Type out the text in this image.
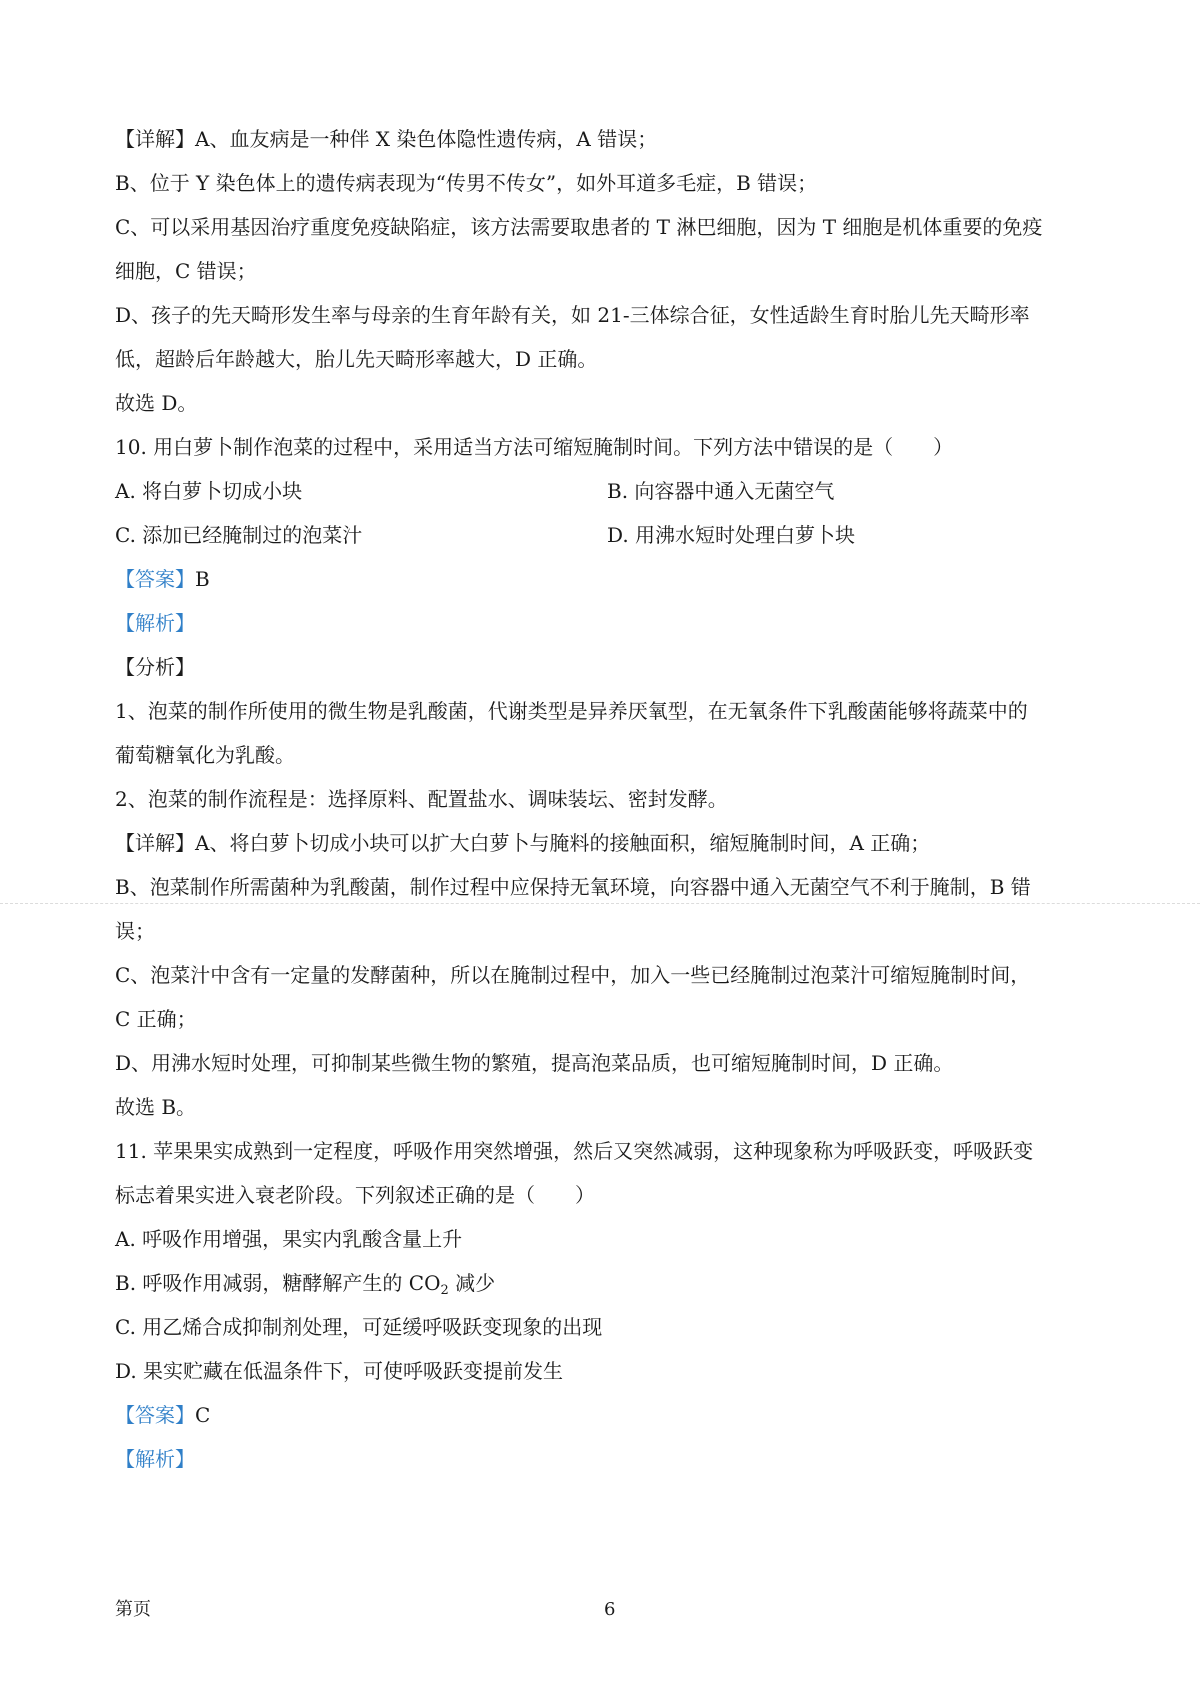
【详解】A、血友病是一种伴 X 染色体隐性遗传病，A 错误；
B、位于 Y 染色体上的遗传病表现为“传男不传女”，如外耳道多毛症，B 错误；
C、可以采用基因治疗重度免疫缺陷症，该方法需要取患者的 T 淋巴细胞，因为 T 细胞是机体重要的免疫
细胞，C 错误；
D、孩子的先天畸形发生率与母亲的生育年龄有关，如 21-三体综合征，女性适龄生育时胎儿先天畸形率
低，超龄后年龄越大，胎儿先天畸形率越大，D 正确。
故选 D。
10. 用白萝卜制作泡菜的过程中，采用适当方法可缩短腌制时间。下列方法中错误的是（　　）
A. 将白萝卜切成小块	B. 向容器中通入无菌空气
C. 添加已经腌制过的泡菜汁	D. 用沸水短时处理白萝卜块
【答案】B
【解析】
【分析】
1、泡菜的制作所使用的微生物是乳酸菌，代谢类型是异养厌氧型，在无氧条件下乳酸菌能够将蔬菜中的
葡萄糖氧化为乳酸。
2、泡菜的制作流程是：选择原料、配置盐水、调味装坛、密封发酵。
【详解】A、将白萝卜切成小块可以扩大白萝卜与腌料的接触面积，缩短腌制时间，A 正确；
B、泡菜制作所需菌种为乳酸菌，制作过程中应保持无氧环境，向容器中通入无菌空气不利于腌制，B 错
误；
C、泡菜汁中含有一定量的发酵菌种，所以在腌制过程中，加入一些已经腌制过泡菜汁可缩短腌制时间，
C 正确；
D、用沸水短时处理，可抑制某些微生物的繁殖，提高泡菜品质，也可缩短腌制时间，D 正确。
故选 B。
11. 苹果果实成熟到一定程度，呼吸作用突然增强，然后又突然减弱，这种现象称为呼吸跃变，呼吸跃变
标志着果实进入衰老阶段。下列叙述正确的是（　　）
A. 呼吸作用增强，果实内乳酸含量上升
B. 呼吸作用减弱，糖酵解产生的 $CO_2$ 减少
C. 用乙烯合成抑制剂处理，可延缓呼吸跃变现象的出现
D. 果实贮藏在低温条件下，可使呼吸跃变提前发生
【答案】C
【解析】
第页	6
